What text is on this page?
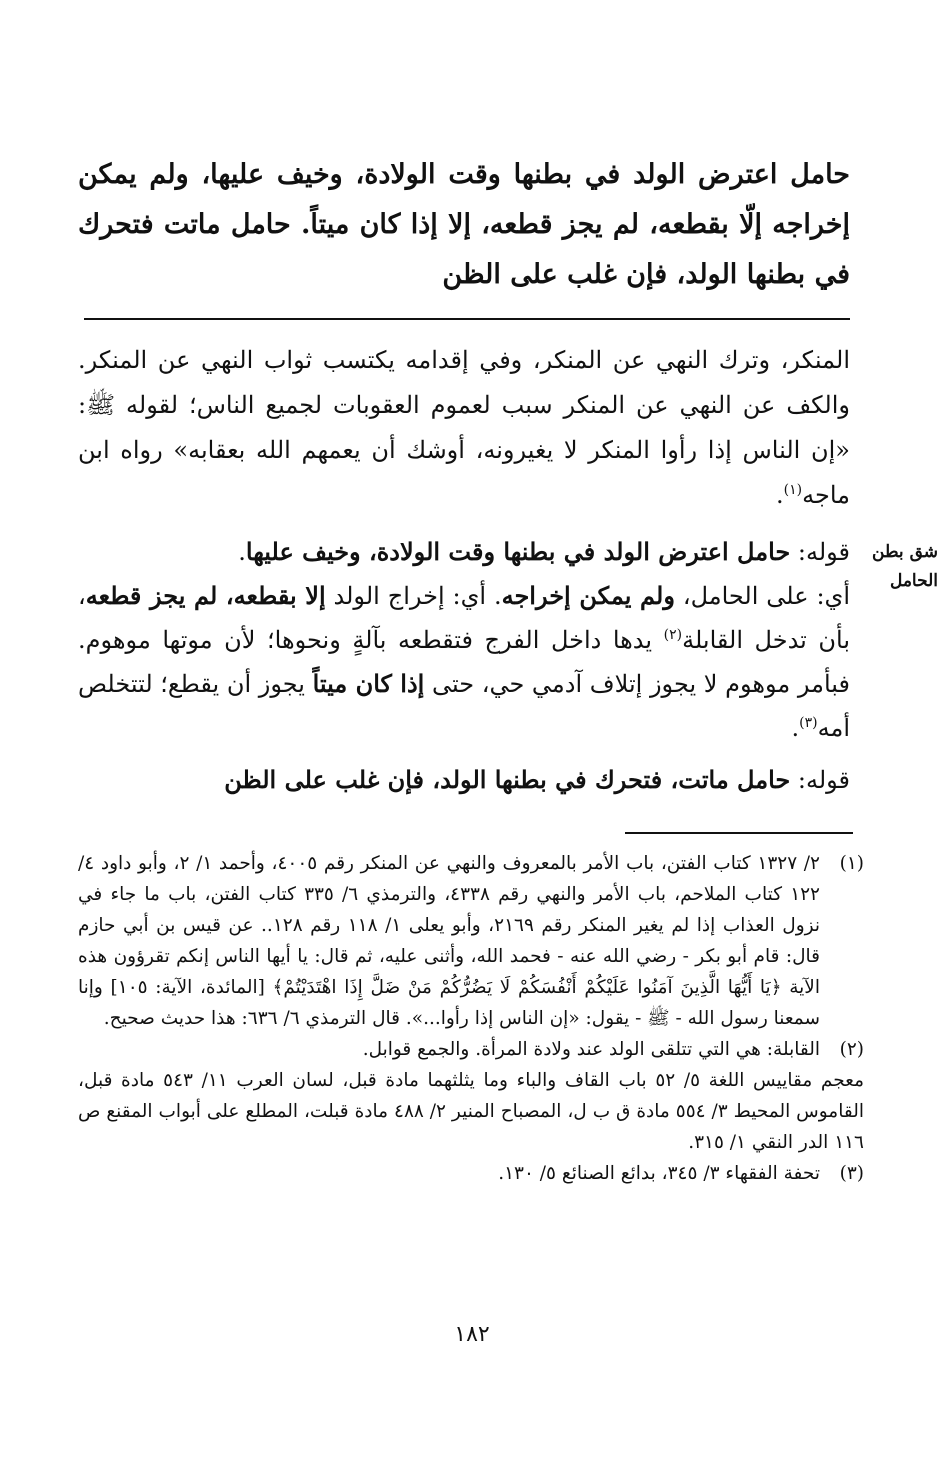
حامل اعترض الولد في بطنها وقت الولادة، وخيف عليها، ولم يمكن إخراجه إلّا بقطعه، لم يجز قطعه، إلا إذا كان ميتاً. حامل ماتت فتحرك في بطنها الولد، فإن غلب على الظن
المنكر، وترك النهي عن المنكر، وفي إقدامه يكتسب ثواب النهي عن المنكر. والكف عن النهي عن المنكر سبب لعموم العقوبات لجميع الناس؛ لقوله ﷺ: «إن الناس إذا رأوا المنكر لا يغيرونه، أوشك أن يعمهم الله بعقابه» رواه ابن ماجه$^{(١)}$.
شق بطن
الحامل

قوله: حامل اعترض الولد في بطنها وقت الولادة، وخيف عليها.

أي: على الحامل، ولم يمكن إخراجه. أي: إخراج الولد إلا بقطعه، لم يجز قطعه، بأن تدخل القابلة$^{(٢)}$ يدها داخل الفرج فتقطعه بآلةٍ ونحوها؛ لأن موتها موهوم. فبأمر موهوم لا يجوز إتلاف آدمي حي، حتى إذا كان ميتاً يجوز أن يقطع؛ لتتخلص أمه$^{(٣)}$.

قوله: حامل ماتت، فتحرك في بطنها الولد، فإن غلب على الظن

(١)
٢/ ١٣٢٧ كتاب الفتن، باب الأمر بالمعروف والنهي عن المنكر رقم ٤٠٠٥، وأحمد ١/ ٢، وأبو داود ٤/ ١٢٢ كتاب الملاحم، باب الأمر والنهي رقم ٤٣٣٨، والترمذي ٦/ ٣٣٥ كتاب الفتن، باب ما جاء في نزول العذاب إذا لم يغير المنكر رقم ٢١٦٩، وأبو يعلى ١/ ١١٨ رقم ١٢٨.. عن قيس بن أبي حازم قال: قام أبو بكر - رضي الله عنه - فحمد الله، وأثنى عليه، ثم قال: يا أيها الناس إنكم تقرؤون هذه الآية ﴿يَا أَيُّهَا الَّذِينَ آمَنُوا عَلَيْكُمْ أَنْفُسَكُمْ لَا يَضُرُّكُمْ مَنْ ضَلَّ إِذَا اهْتَدَيْتُمْ﴾ [المائدة، الآية: ١٠٥] وإنا سمعنا رسول الله - ﷺ - يقول: «إن الناس إذا رأوا...». قال الترمذي ٦/ ٦٣٦: هذا حديث صحيح.
(٢)
القابلة: هي التي تتلقى الولد عند ولادة المرأة. والجمع قوابل.
معجم مقاييس اللغة ٥/ ٥٢ باب القاف والباء وما يثلثهما مادة قبل، لسان العرب ١١/ ٥٤٣ مادة قبل، القاموس المحيط ٣/ ٥٥٤ مادة ق ب ل، المصباح المنير ٢/ ٤٨٨ مادة قبلت، المطلع على أبواب المقنع ص ١١٦ الدر النقي ١/ ٣١٥.
(٣)
تحفة الفقهاء ٣/ ٣٤٥، بدائع الصنائع ٥/ ١٣٠.
١٨٢
